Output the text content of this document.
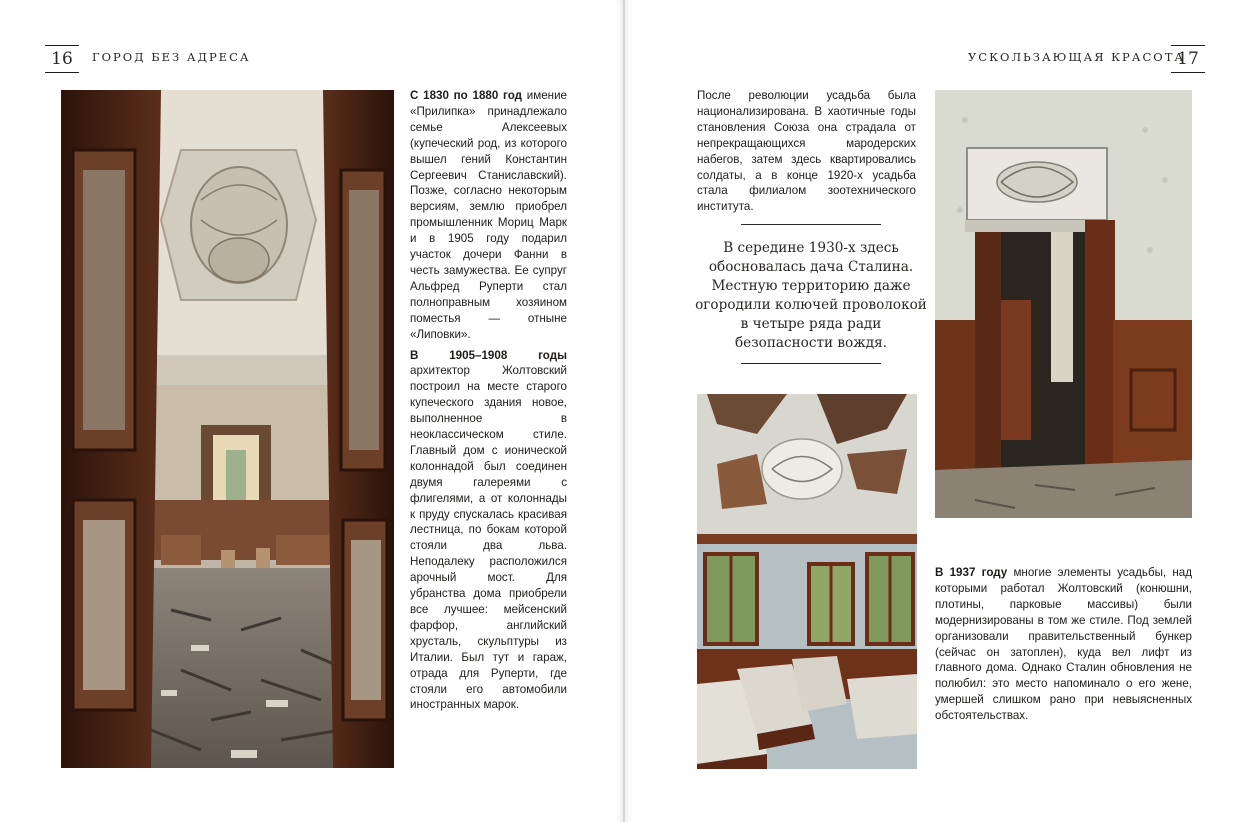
16	ГОРОД БЕЗ АДРЕСА

С 1830 по 1880 год имение «Прилипка» принадлежало семье Алексеевых (купеческий род, из которого вышел гений Константин Сергеевич Станиславский). Позже, согласно некоторым версиям, землю приобрел промышленник Мориц Марк и в 1905 году подарил участок дочери Фанни в честь замужества. Ее супруг Альфред Руперти стал полноправным хозяином поместья — отныне «Липовки».

В 1905–1908 годы архитектор Жолтовский построил на месте старого купеческого здания новое, выполненное в неоклассическом стиле. Главный дом с ионической колоннадой был соединен двумя галереями с флигелями, а от колоннады к пруду спускалась красивая лестница, по бокам которой стояли два льва. Неподалеку расположился арочный мост. Для убранства дома приобрели все лучшее: мейсенский фарфор, английский хрусталь, скульптуры из Италии. Был тут и гараж, отрада для Руперти, где стояли его автомобили иностранных марок.

УСКОЛЬЗАЮЩАЯ КРАСОТА
17

После революции усадьба была национализирована. В хаотичные годы становления Союза она страдала от непрекращающихся мародерских набегов, затем здесь квартировались солдаты, а в конце 1920-х усадьба стала филиалом зоотехнического института.

В середине 1930-х здесь обосновалась дача Сталина. Местную территорию даже огородили колючей проволокой в четыре ряда ради безопасности вождя.

В 1937 году многие элементы усадьбы, над которыми работал Жолтовский (конюшни, плотины, парковые массивы) были модернизированы в том же стиле. Под землей организовали правительственный бункер (сейчас он затоплен), куда вел лифт из главного дома. Однако Сталин обновления не полюбил: это место напоминало о его жене, умершей слишком рано при невыясненных обстоятельствах.
